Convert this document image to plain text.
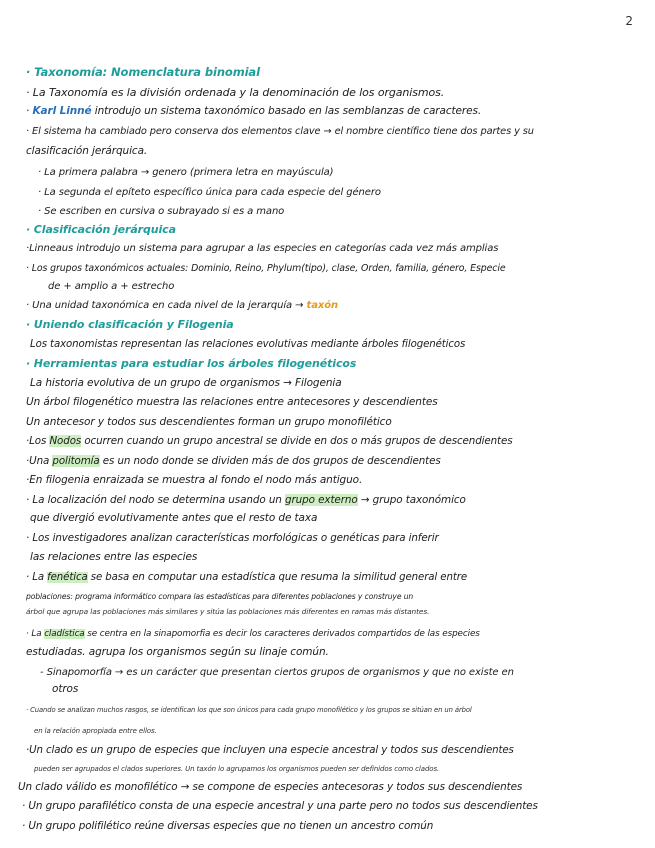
2
· Taxonomía: Nomenclatura binomial
· La Taxonomía es la división ordenada y la denominación de los organismos.
· Karl Linné introdujo un sistema taxonómico basado en las semblanzas de caracteres.
· El sistema ha cambiado pero conserva dos elementos clave → el nombre científico tiene dos partes y su
clasificación jerárquica.
· La primera palabra → genero (primera letra en mayúscula)
· La segunda el epíteto específico única para cada especie del género
· Se escriben en cursiva o subrayado si es a mano
· Clasificación jerárquica
·Linneaus introdujo un sistema para agrupar a las especies en categorías cada vez más amplias
· Los grupos taxonómicos actuales: Dominio, Reino, Phylum(tipo), clase, Orden, familia, género, Especie
de + amplio a + estrecho
· Una unidad taxonómica en cada nivel de la jerarquía → taxón
· Uniendo clasificación y Filogenia
Los taxonomistas representan las relaciones evolutivas mediante árboles filogenéticos
· Herramientas para estudiar los árboles filogenéticos
La historia evolutiva de un grupo de organismos → Filogenia
Un árbol filogenético muestra las relaciones entre antecesores y descendientes
Un antecesor y todos sus descendientes forman un grupo monofilético
·Los Nodos ocurren cuando un grupo ancestral se divide en dos o más grupos de descendientes
·Una politomía es un nodo donde se dividen más de dos grupos de descendientes
·En filogenia enraizada se muestra al fondo el nodo más antiguo.
· La localización del nodo se determina usando un grupo externo → grupo taxonómico
que divergió evolutivamente antes que el resto de taxa
· Los investigadores analizan características morfológicas o genéticas para inferir
las relaciones entre las especies
· La fenética se basa en computar una estadística que resuma la similitud general entre
poblaciones: programa informático compara las estadísticas para diferentes poblaciones y construye un
árbol que agrupa las poblaciones más similares y sitúa las poblaciones más diferentes en ramas más distantes.
· La cladística se centra en la sinapomorfia es decir los caracteres derivados compartidos de las especies
estudiadas. agrupa los organismos según su linaje común.
- Sinapomorfía → es un carácter que presentan ciertos grupos de organismos y que no existe en
otros
· Cuando se analizan muchos rasgos, se identifican los que son únicos para cada grupo monofilético y los grupos se sitúan en un árbol
en la relación apropiada entre ellos.
·Un clado es un grupo de especies que incluyen una especie ancestral y todos sus descendientes
pueden ser agrupados el clados superiores. Un taxón lo agrupamos los organismos pueden ser definidos como clados.
Un clado válido es monofilético → se compone de especies antecesoras y todos sus descendientes
· Un grupo parafilético consta de una especie ancestral y una parte pero no todos sus descendientes
· Un grupo polifilético reúne diversas especies que no tienen un ancestro común
